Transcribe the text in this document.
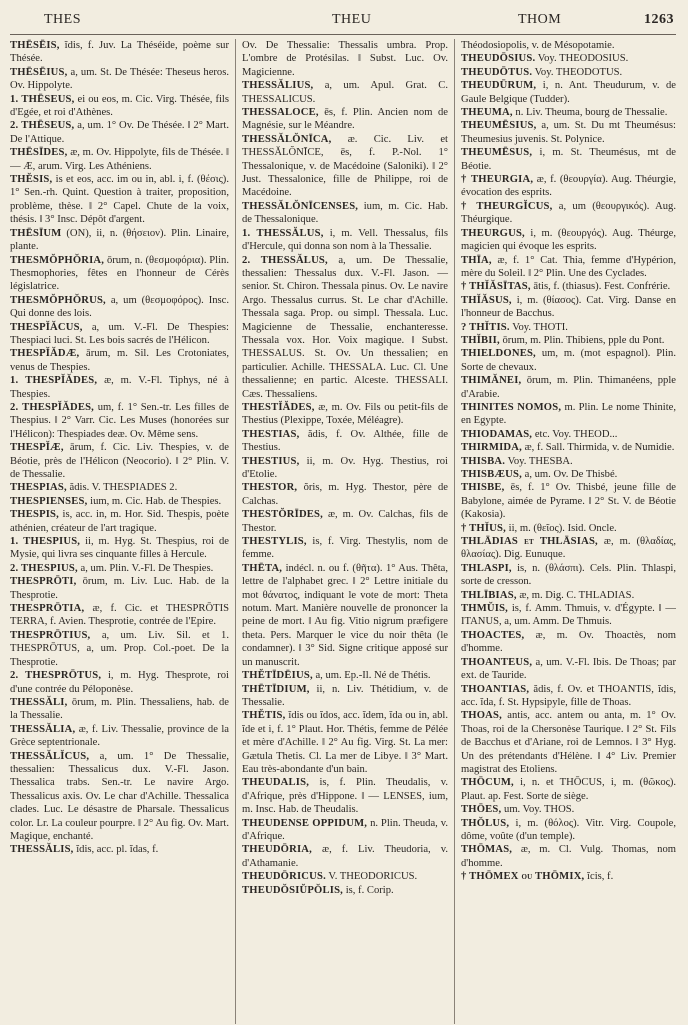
THES	THEU	THOM	1263

THĒSĒIS, ĭdis, f. Juv. La Théséide, poème sur Thésée.

THĒSĒIUS, a, um. St. De Thésée: Theseus heros. Ov. Hippolyte.

1. THĒSEUS, ei ou eos, m. Cic. Virg. Thésée, fils d'Egée, et roi d'Athènes.

2. THĒSEUS, a, um. 1° Ov. De Thésée. ‖ 2° Mart. De l'Attique.

THĒSĪDES, æ, m. Ov. Hippolyte, fils de Thésée. ‖ — Æ, arum. Virg. Les Athéniens.

THĔSIS, is et eos, acc. im ou in, abl. i, f. (θέσις). 1° Sen.-rh. Quint. Question à traiter, proposition, problème, thèse. ‖ 2° Capel. Chute de la voix, thésis. ‖ 3° Insc. Dépôt d'argent.

THĒSĪUM (ON), ii, n. (θήσειον). Plin. Linaire, plante.

THESMŎPHŎRIA, ōrum, n. (θεσμοφόρια). Plin. Thesmophories, fêtes en l'honneur de Cérès législatrice.

THESMŎPHŎRUS, a, um (θεσμοφόρος). Insc. Qui donne des lois.

THESPĬĂCUS, a, um. V.-Fl. De Thespies: Thespiaci luci. St. Les bois sacrés de l'Hélicon.

THESPĬĂDÆ, ārum, m. Sil. Les Crotoniates, venus de Thespies.

1. THESPĬĂDES, æ, m. V.-Fl. Tiphys, né à Thespies.

2. THESPĬĂDES, um, f. 1° Sen.-tr. Les filles de Thespius. ‖ 2° Varr. Cic. Les Muses (honorées sur l'Hélicon): Thespiades deæ. Ov. Même sens.

THESPĬÆ, ārum, f. Cic. Liv. Thespies, v. de Béotie, près de l'Hélicon (Neocorio). ‖ 2° Plin. V. de Thessalie.

THESPIAS, ădis. V. THESPIADES 2.

THESPIENSES, ium, m. Cic. Hab. de Thespies.

THESPIS, is, acc. in, m. Hor. Sid. Thespis, poète athénien, créateur de l'art tragique.

1. THESPIUS, ii, m. Hyg. St. Thespius, roi de Mysie, qui livra ses cinquante filles à Hercule.

2. THESPIUS, a, um. Plin. V.-Fl. De Thespies.

THESPRŌTI, ōrum, m. Liv. Luc. Hab. de la Thesprotie.

THESPRŌTIA, æ, f. Cic. et THESPRŌTIS TERRA, f. Avien. Thesprotie, contrée de l'Epire.

THESPRŌTIUS, a, um. Liv. Sil. et 1. THESPRŌTUS, a, um. Prop. Col.-poet. De la Thesprotie.

2. THESPRŌTUS, i, m. Hyg. Thesprote, roi d'une contrée du Péloponèse.

THESSĂLI, ōrum, m. Plin. Thessaliens, hab. de la Thessalie.

THESSĂLIA, æ, f. Liv. Thessalie, province de la Grèce septentrionale.

THESSĂLĬCUS, a, um. 1° De Thessalie, thessalien: Thessalicus dux. V.-Fl. Jason. Thessalica trabs. Sen.-tr. Le navire Argo. Thessalicus axis. Ov. Le char d'Achille. Thessalica clades. Luc. Le désastre de Pharsale. Thessalicus color. Lr. La couleur pourpre. ‖ 2° Au fig. Ov. Mart. Magique, enchanté.

THESSĂLIS, ĭdis, acc. pl. ĭdas, f.

Ov. De Thessalie: Thessalis umbra. Prop. L'ombre de Protésilas. ‖ Subst. Luc. Ov. Magicienne.

THESSĂLIUS, a, um. Apul. Grat. C. THESSALICUS.

THESSALOCE, ēs, f. Plin. Ancien nom de Magnésie, sur le Méandre.

THESSĂLŎNĪCA, æ. Cic. Liv. et THESSĂLŎNĪCE, ēs, f. P.-Nol. 1° Thessalonique, v. de Macédoine (Saloniki). ‖ 2° Just. Thessalonice, fille de Philippe, roi de Macédoine.

THESSĂLŎNĪCENSES, ium, m. Cic. Hab. de Thessalonique.

1. THESSĂLUS, i, m. Vell. Thessalus, fils d'Hercule, qui donna son nom à la Thessalie.

2. THESSĂLUS, a, um. De Thessalie, thessalien: Thessalus dux. V.-Fl. Jason. — senior. St. Chiron. Thessala pinus. Ov. Le navire Argo. Thessalus currus. St. Le char d'Achille. Thessala saga. Prop. ou simpl. Thessala. Luc. Magicienne de Thessalie, enchanteresse. Thessala vox. Hor. Voix magique. ‖ Subst. THESSALUS. St. Ov. Un thessalien; en particulier. Achille. THESSALA. Luc. Cl. Une thessalienne; en partic. Alceste. THESSALI. Cæs. Thessaliens.

THESTĬĂDES, æ, m. Ov. Fils ou petit-fils de Thestius (Plexippe, Toxée, Méléagre).

THESTIAS, ădis, f. Ov. Althée, fille de Thestius.

THESTIUS, ii, m. Ov. Hyg. Thestius, roi d'Etolie.

THESTOR, ŏris, m. Hyg. Thestor, père de Calchas.

THESTŎRĪDES, æ, m. Ov. Calchas, fils de Thestor.

THESTYLIS, is, f. Virg. Thestylis, nom de femme.

THĒTA, indécl. n. ou f. (θῆτα). 1° Aus. Thêta, lettre de l'alphabet grec. ‖ 2° Lettre initiale du mot θάνατος, indiquant le vote de mort: Theta notum. Mart. Manière nouvelle de prononcer la peine de mort. ‖ Au fig. Vitio nigrum præfigere theta. Pers. Marquer le vice du noir thêta (le condamner). ‖ 3° Sid. Signe critique apposé sur un manuscrit.

THĔTĪDĒIUS, a, um. Ep.-Il. Né de Thétis.

THĒTĪDIUM, ii, n. Liv. Thétidium, v. de Thessalie.

THĔTIS, ĭdis ou ĭdos, acc. ĭdem, ĭda ou in, abl. ĭde et i, f. 1° Plaut. Hor. Thétis, femme de Pélée et mère d'Achille. ‖ 2° Au fig. Virg. St. La mer: Gætula Thetis. Cl. La mer de Libye. ‖ 3° Mart. Eau très-abondante d'un bain.

THEUDALIS, is, f. Plin. Theudalis, v. d'Afrique, près d'Hippone. ‖ — LENSES, ium, m. Insc. Hab. de Theudalis.

THEUDENSE OPPIDUM, n. Plin. Theuda, v. d'Afrique.

THEUDŌRIA, æ, f. Liv. Theudoria, v. d'Athamanie.

THEUDŌRICUS. V. THEODORICUS.

THEUDŎSIŬPŎLIS, is, f. Corip.

Théodosiopolis, v. de Mésopotamie.

THEUDŌSIUS. Voy. THEODOSIUS.

THEUDŌTUS. Voy. THEODOTUS.

THEUDŪRUM, i, n. Ant. Theudurum, v. de Gaule Belgique (Tudder).

THEUMA, n. Liv. Theuma, bourg de Thessalie.

THEUMĒSIUS, a, um. St. Du mt Theumésus: Theumesius juvenis. St. Polynice.

THEUMĒSUS, i, m. St. Theumésus, mt de Béotie.

† THEURGIA, æ, f. (θεουργία). Aug. Théurgie, évocation des esprits.

† THEURGĬCUS, a, um (θεουργικός). Aug. Théurgique.

THEURGUS, i, m. (θεουργός). Aug. Théurge, magicien qui évoque les esprits.

THĪA, æ, f. 1° Cat. Thia, femme d'Hypérion, mère du Soleil. ‖ 2° Plin. Une des Cyclades.

† THĬĂSĪTAS, ātis, f. (thiasus). Fest. Confrérie.

THĬĂSUS, i, m. (θίασος). Cat. Virg. Danse en l'honneur de Bacchus.

? THĬTIS. Voy. THOTI.

THĬBII, ōrum, m. Plin. Thibiens, pple du Pont.

THIELDONES, um, m. (mot espagnol). Plin. Sorte de chevaux.

THIMĂNEI, ōrum, m. Plin. Thimanéens, pple d'Arabie.

THINITES NOMOS, m. Plin. Le nome Thinite, en Egypte.

THIODAMAS, etc. Voy. THEOD...

THIRMIDA, æ, f. Sall. Thirmida, v. de Numidie.

THISBA. Voy. THESBA.

THISBÆUS, a, um. Ov. De Thisbé.

THISBE, ēs, f. 1° Ov. Thisbé, jeune fille de Babylone, aimée de Pyrame. ‖ 2° St. V. de Béotie (Kakosia).

† THĬUS, ii, m. (θεῖος). Isid. Oncle.

THLĀDIAS et THLĀSIAS, æ, m. (θλαδίας, θλασίας). Dig. Eunuque.

THLASPI, is, n. (θλάσπι). Cels. Plin. Thlaspi, sorte de cresson.

THLĪBIAS, æ, m. Dig. C. THLADIAS.

THMŬIS, is, f. Amm. Thmuis, v. d'Égypte. ‖ — ITANUS, a, um. Amm. De Thmuis.

THOACTES, æ, m. Ov. Thoactès, nom d'homme.

THOANTEUS, a, um. V.-Fl. Ibis. De Thoas; par ext. de Tauride.

THOANTIAS, ădis, f. Ov. et THOANTIS, ĭdis, acc. ĭda, f. St. Hypsipyle, fille de Thoas.

THOAS, antis, acc. antem ou anta, m. 1° Ov. Thoas, roi de la Chersonèse Taurique. ‖ 2° St. Fils de Bacchus et d'Ariane, roi de Lemnos. ‖ 3° Hyg. Un des prétendants d'Hélène. ‖ 4° Liv. Premier magistrat des Etoliens.

THŌCUM, i, n. et THŌCUS, i, m. (θῶκος). Plaut. ap. Fest. Sorte de siège.

THŌES, um. Voy. THOS.

THŎLUS, i, m. (θόλος). Vitr. Virg. Coupole, dôme, voûte (d'un temple).

THŌMAS, æ, m. Cl. Vulg. Thomas, nom d'homme.

† THŌMEX ou THŌMIX, ĭcis, f.
